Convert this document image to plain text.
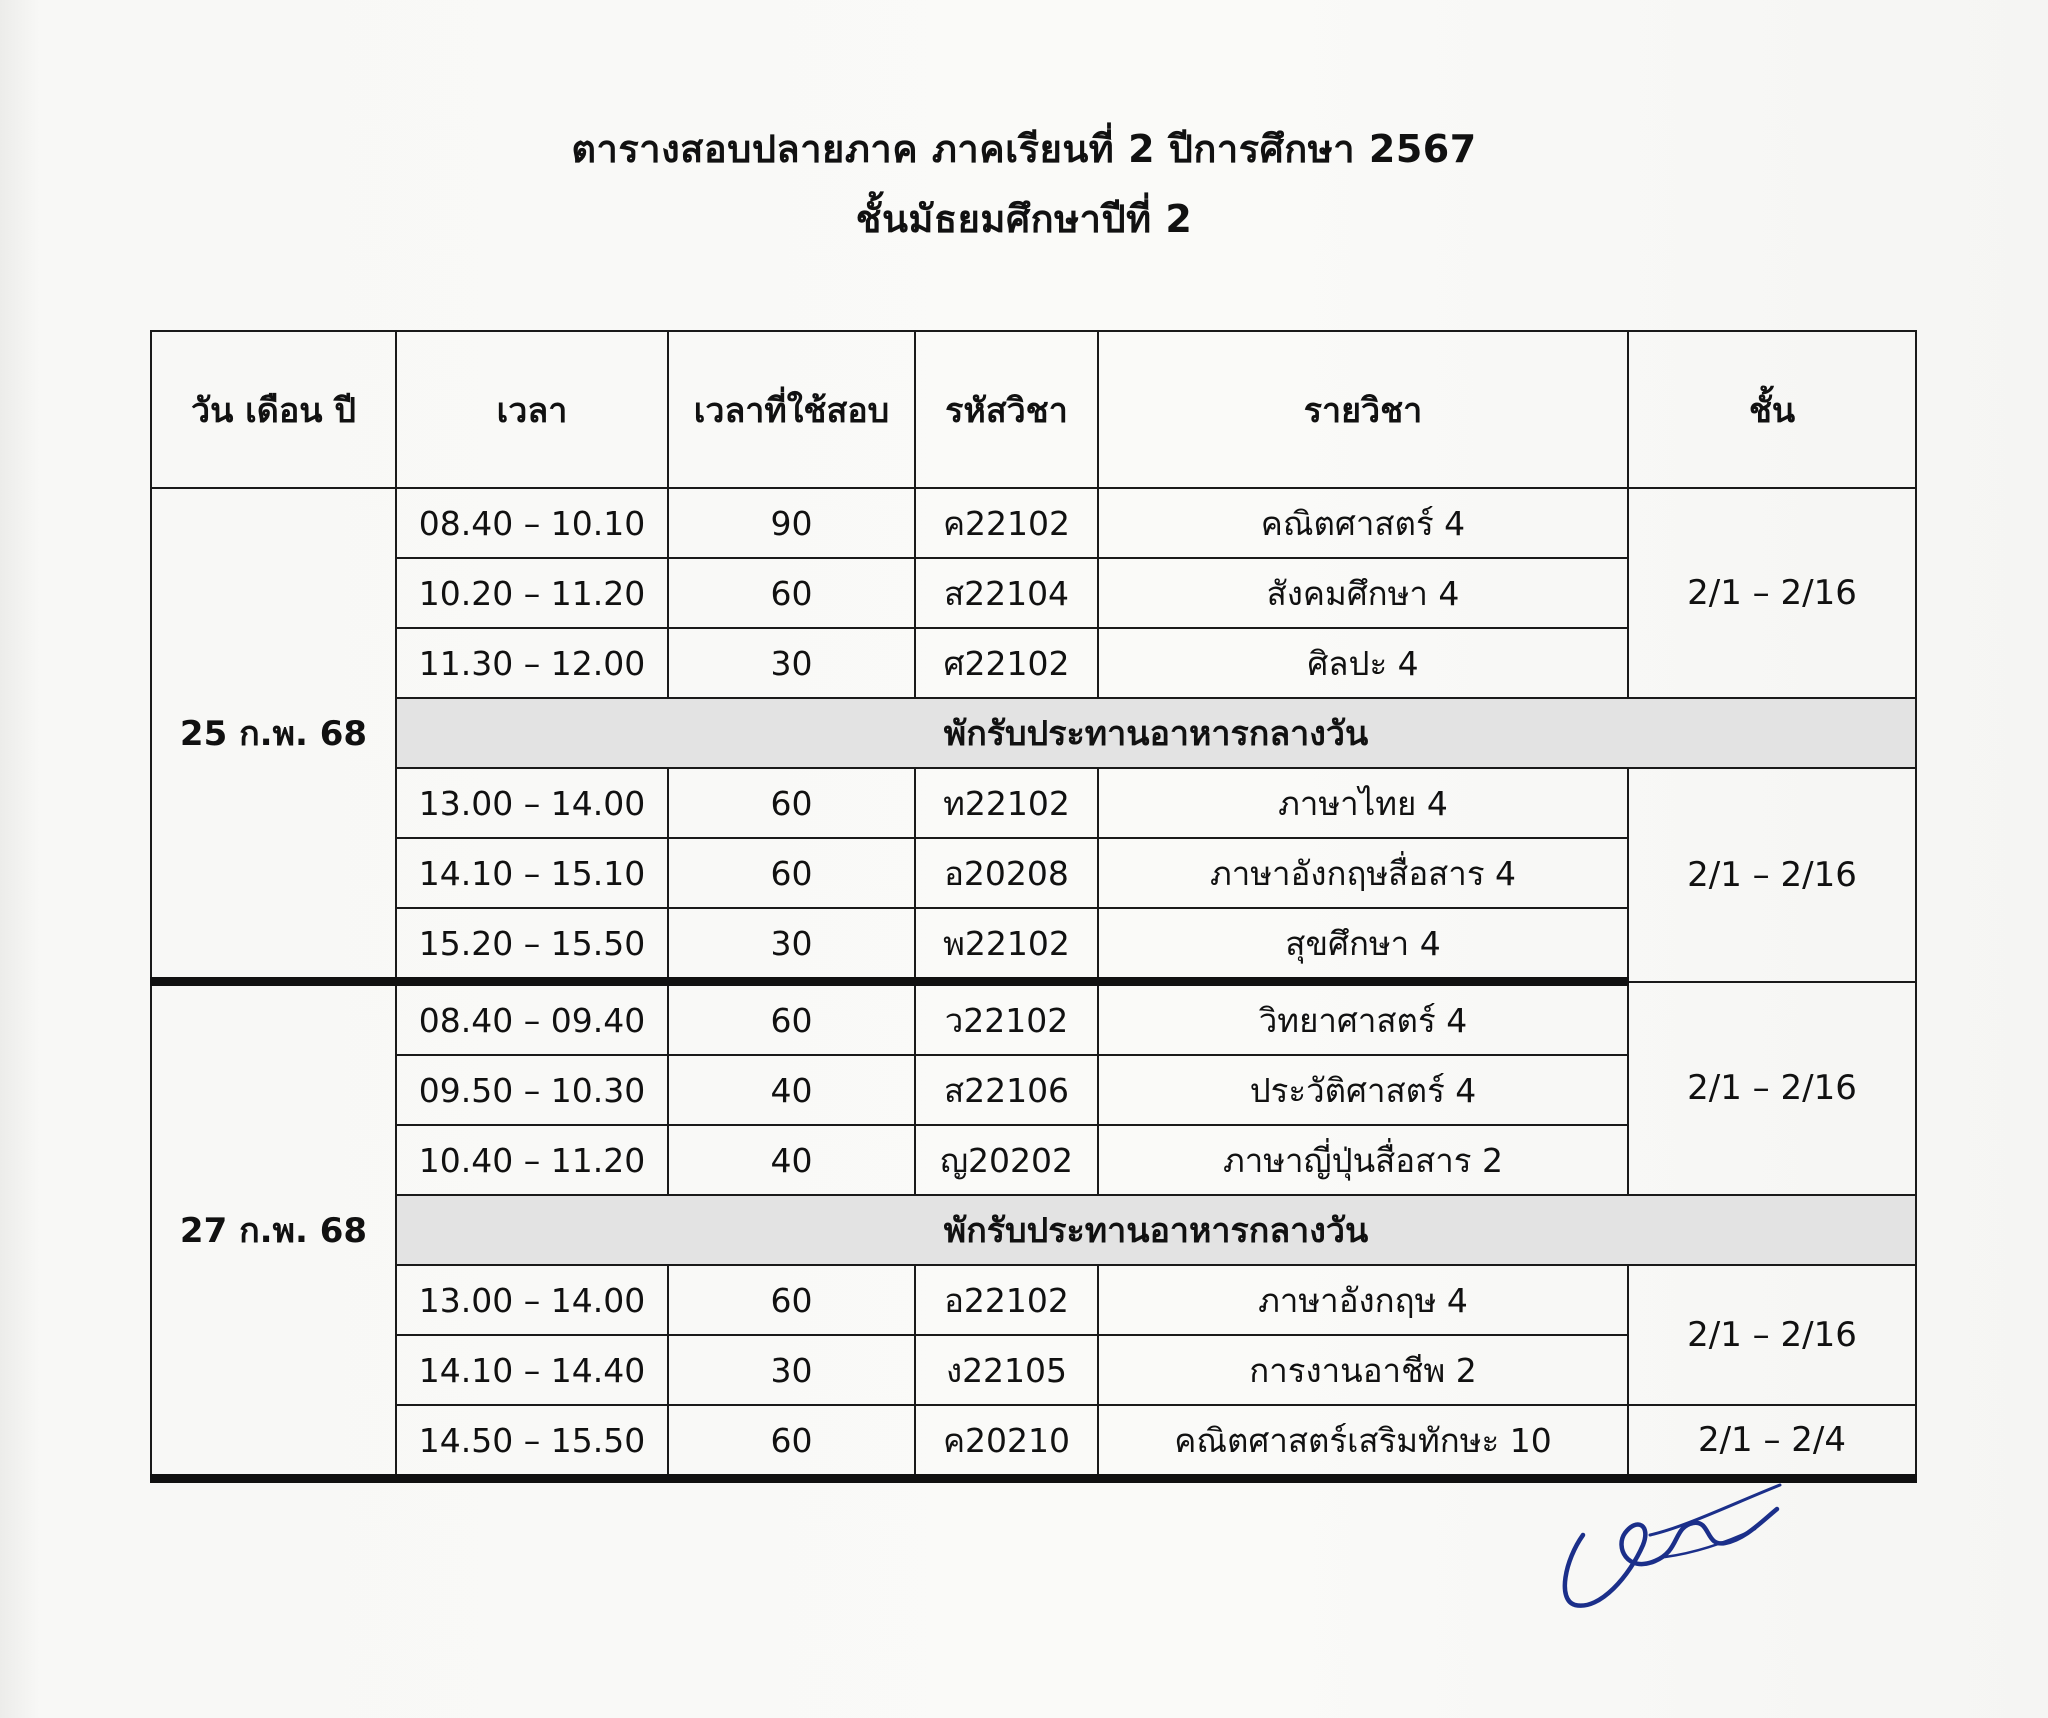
ตารางสอบปลายภาค ภาคเรียนที่ 2 ปีการศึกษา 2567
ชั้นมัธยมศึกษาปีที่ 2
วัน เดือน ปี	เวลา	เวลาที่ใช้สอบ	รหัสวิชา	รายวิชา	ชั้น
25 ก.พ. 68	08.40 – 10.10	90	ค22102	คณิตศาสตร์ 4	2/1 – 2/16
	10.20 – 11.20	60	ส22104	สังคมศึกษา 4	
	11.30 – 12.00	30	ศ22102	ศิลปะ 4	
	พักรับประทานอาหารกลางวัน				
	13.00 – 14.00	60	ท22102	ภาษาไทย 4	2/1 – 2/16
	14.10 – 15.10	60	อ20208	ภาษาอังกฤษสื่อสาร 4	
	15.20 – 15.50	30	พ22102	สุขศึกษา 4	
27 ก.พ. 68	08.40 – 09.40	60	ว22102	วิทยาศาสตร์ 4	2/1 – 2/16
	09.50 – 10.30	40	ส22106	ประวัติศาสตร์ 4	
	10.40 – 11.20	40	ญ20202	ภาษาญี่ปุ่นสื่อสาร 2	
	พักรับประทานอาหารกลางวัน				
	13.00 – 14.00	60	อ22102	ภาษาอังกฤษ 4	2/1 – 2/16
	14.10 – 14.40	30	ง22105	การงานอาชีพ 2	
	14.50 – 15.50	60	ค20210	คณิตศาสตร์เสริมทักษะ 10	2/1 – 2/4
